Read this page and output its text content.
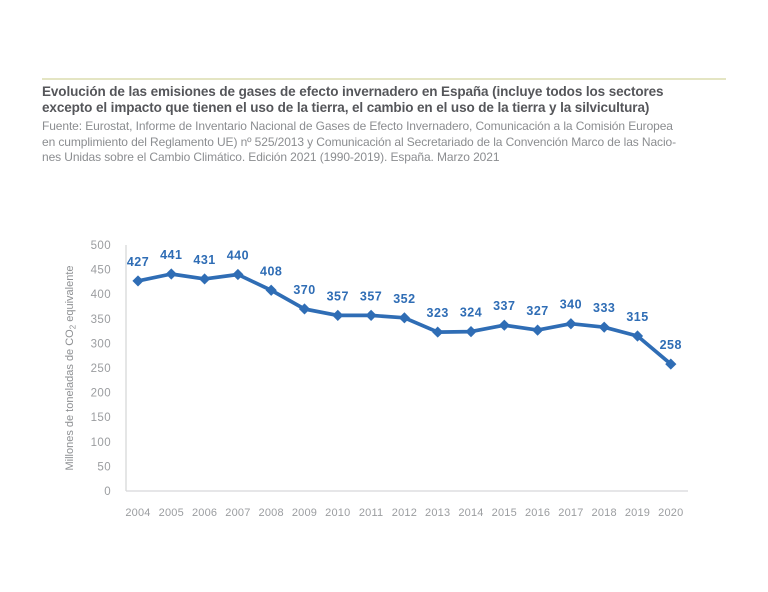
Evolución de las emisiones de gases de efecto invernadero en España (incluye todos los sectores
excepto el impacto que tienen el uso de la tierra, el cambio en el uso de la tierra y la silvicultura)
Fuente: Eurostat, Informe de Inventario Nacional de Gases de Efecto Invernadero, Comunicación a la Comisión Europea
en cumplimiento del Reglamento UE) nº 525/2013 y Comunicación al Secretariado de la Convención Marco de las Nacio-
nes Unidas sobre el Cambio Climático. Edición 2021 (1990-2019). España. Marzo 2021
500
450
400
350
300
250
200
150
100
50
0
Millones de toneladas de $CO_2$ equivalente
2004 2005 2006 2007 2008 2009 2010 2011 2012 2013 2014 2015 2016 2017 2018 2019 2020
427 441 431 440
408
370 357 357 352
323 324 337 327 340 333
315
258
